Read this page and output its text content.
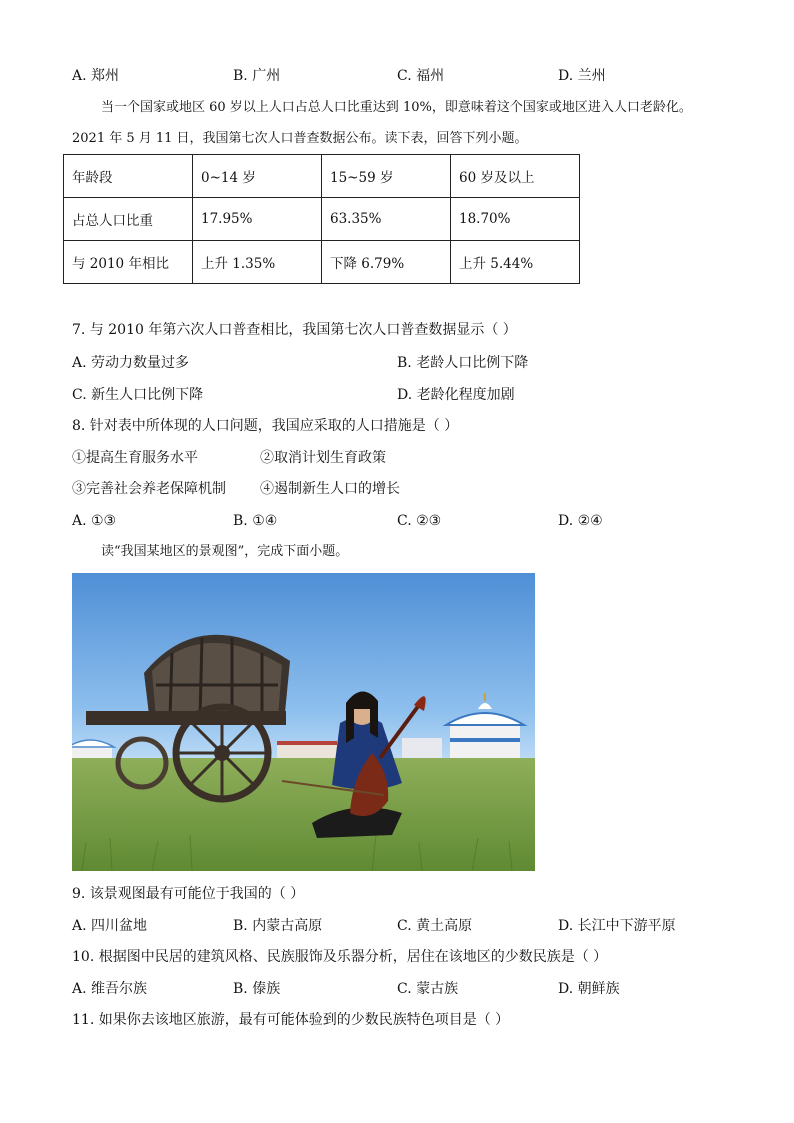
A. 郑州	B. 广州	C. 福州	D. 兰州
当一个国家或地区 60 岁以上人口占总人口比重达到 10%，即意味着这个国家或地区进入人口老龄化。
2021 年 5 月 11 日，我国第七次人口普查数据公布。读下表，回答下列小题。
年龄段	0~14 岁	15~59 岁	60 岁及以上
占总人口比重	17.95%	63.35%	18.70%
与 2010 年相比	上升 1.35%	下降 6.79%	上升 5.44%
7. 与 2010 年第六次人口普查相比，我国第七次人口普查数据显示（ ）
A. 劳动力数量过多	B. 老龄人口比例下降
C. 新生人口比例下降	D. 老龄化程度加剧
8. 针对表中所体现的人口问题，我国应采取的人口措施是（ ）
①提高生育服务水平	②取消计划生育政策
③完善社会养老保障机制 ④遏制新生人口的增长
A. ①③	B. ①④	C. ②③	D. ②④
读“我国某地区的景观图”，完成下面小题。
9. 该景观图最有可能位于我国的（ ）
A. 四川盆地	B. 内蒙古高原	C. 黄土高原	D. 长江中下游平原
10. 根据图中民居的建筑风格、民族服饰及乐器分析，居住在该地区的少数民族是（ ）
A. 维吾尔族	B. 傣族	C. 蒙古族	D. 朝鲜族
11. 如果你去该地区旅游，最有可能体验到的少数民族特色项目是（ ）
